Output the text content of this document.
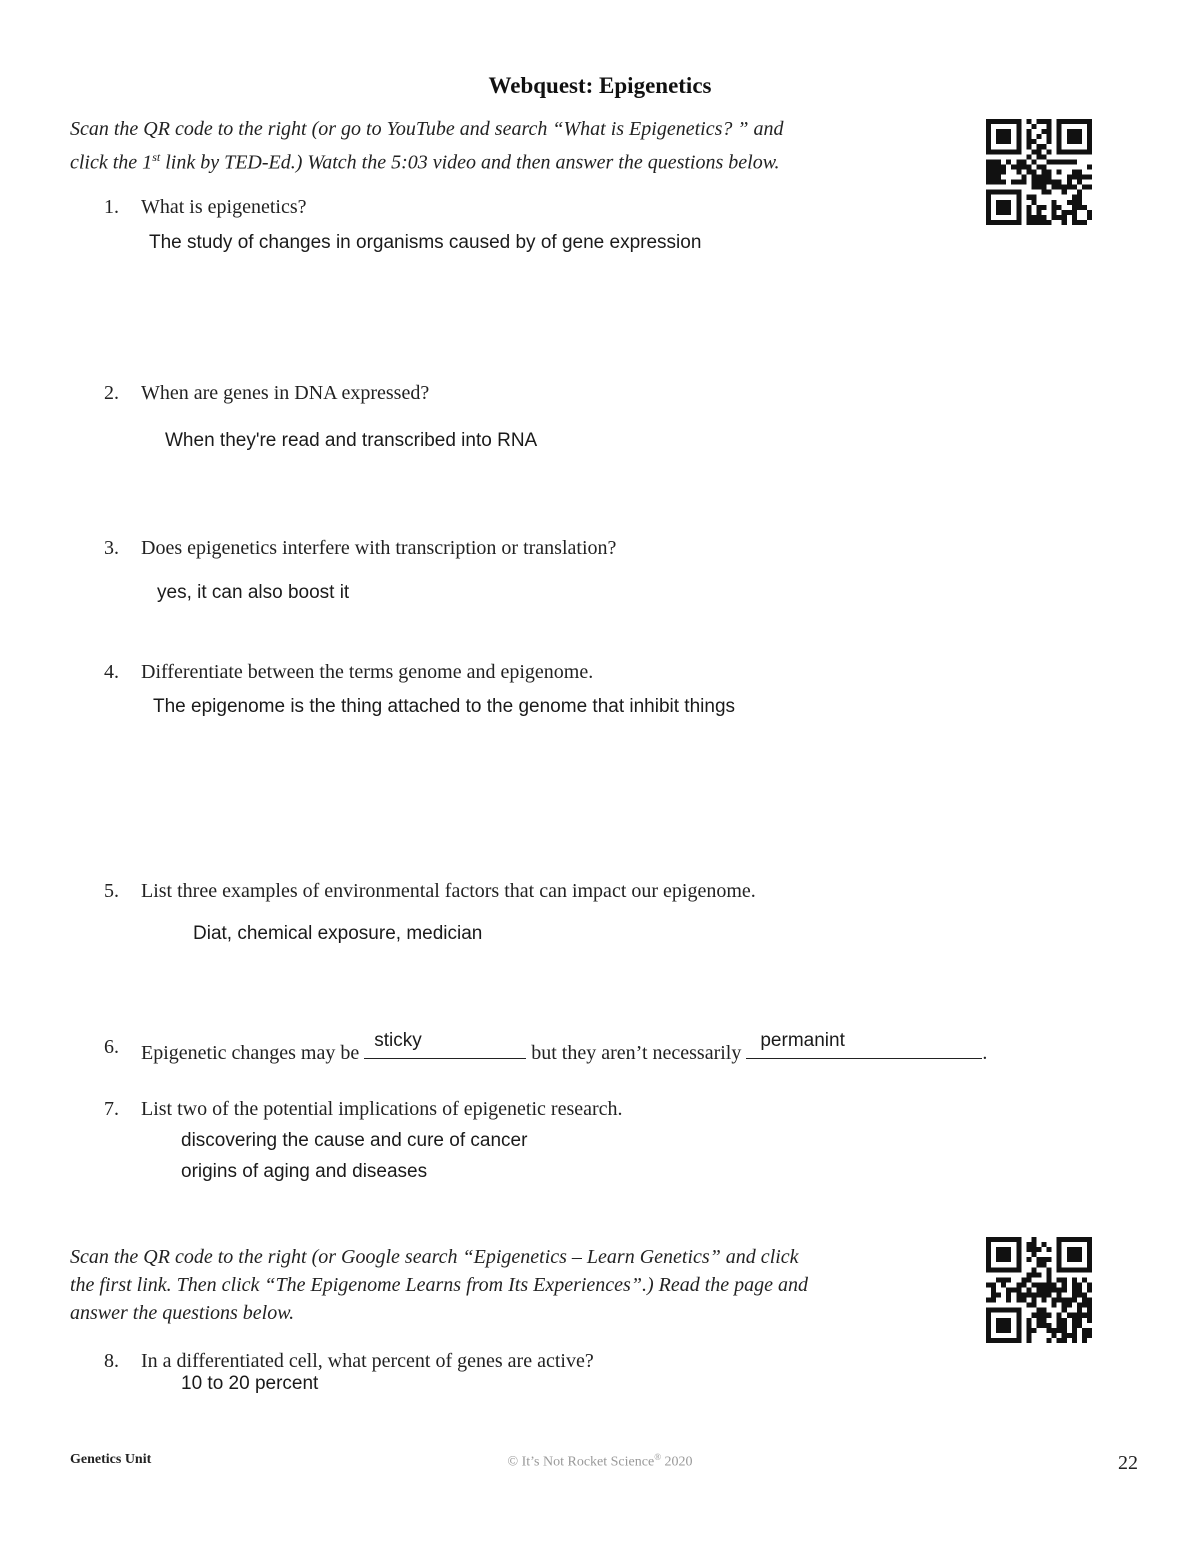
Webquest: Epigenetics
Scan the QR code to the right (or go to YouTube and search “What is Epigenetics? ” and
click the 1st link by TED-Ed.) Watch the 5:03 video and then answer the questions below.
1. What is epigenetics?
The study of changes in organisms caused by of gene expression
2. When are genes in DNA expressed?
When they're read and transcribed into RNA
3. Does epigenetics interfere with transcription or translation?
yes, it can also boost it
4. Differentiate between the terms genome and epigenome.
The epigenome is the thing attached to the genome that inhibit things
5. List three examples of environmental factors that can impact our epigenome.
Diat, chemical exposure, medician
6. Epigenetic changes may be
sticky
but they aren’t necessarily
permanint
.
7. List two of the potential implications of epigenetic research.
discovering the cause and cure of cancer
origins of aging and diseases
Scan the QR code to the right (or Google search “Epigenetics – Learn Genetics” and click
the first link. Then click “The Epigenome Learns from Its Experiences”.) Read the page and
answer the questions below.
8. In a differentiated cell, what percent of genes are active?
10 to 20 percent
Genetics Unit	© It’s Not Rocket Science® 2020	22
